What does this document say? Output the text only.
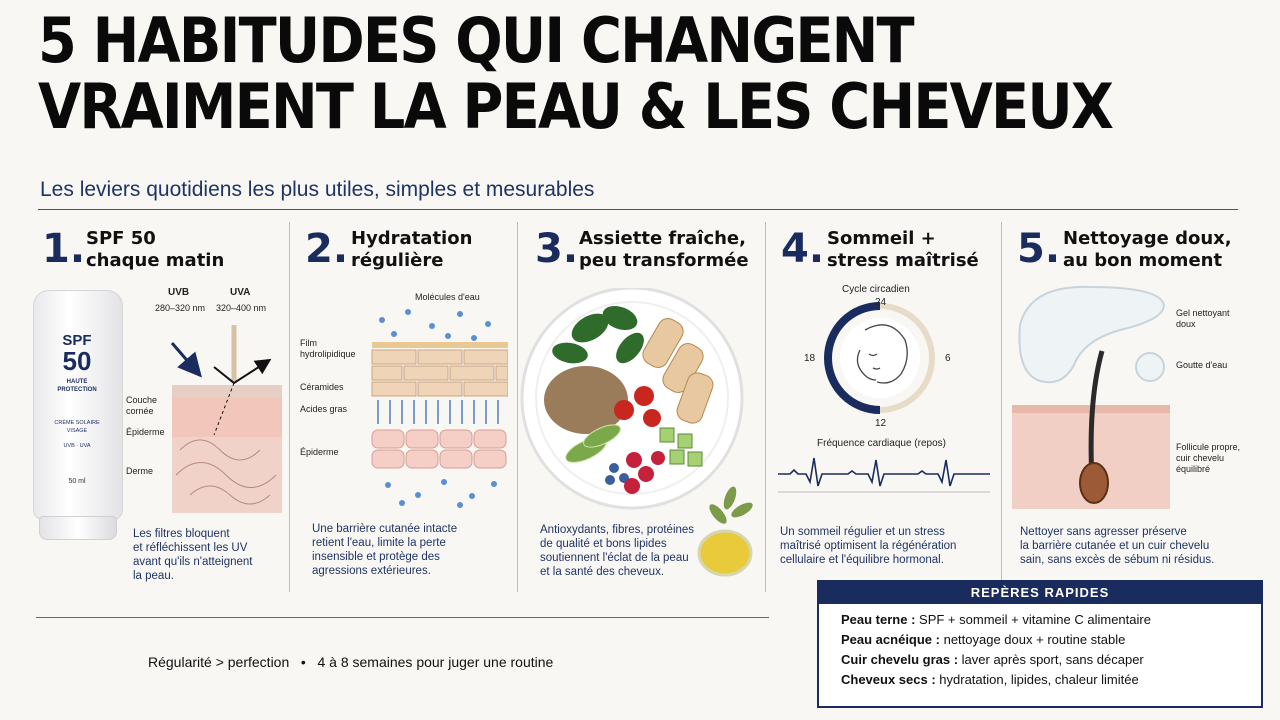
5 HABITUDES QUI CHANGENT
VRAIMENT LA PEAU & LES CHEVEUX
Les leviers quotidiens les plus utiles, simples et mesurables
1. SPF 50
chaque matin
SPF
50
HAUTE
PROTECTION
CRÈME SOLAIRE
VISAGE
UVB · UVA
50 ml
UVB
280–320 nm
UVA
320–400 nm
Couche
cornée
Épiderme
Derme
Les filtres bloquent
et réfléchissent les UV
avant qu'ils n'atteignent
la peau.
2. Hydratation
régulière
Molécules d'eau
Film
hydrolipidique
Céramides
Acides gras
Épiderme
Une barrière cutanée intacte
retient l'eau, limite la perte
insensible et protège des
agressions extérieures.
3. Assiette fraîche,
peu transformée
Antioxydants, fibres, protéines
de qualité et bons lipides
soutiennent l'éclat de la peau
et la santé des cheveux.
4. Sommeil +
stress maîtrisé
Cycle circadien
24
6
12
18
Fréquence cardiaque (repos)
Un sommeil régulier et un stress
maîtrisé optimisent la régénération
cellulaire et l'équilibre hormonal.
5. Nettoyage doux,
au bon moment
Gel nettoyant
doux
Goutte d'eau
Follicule propre,
cuir chevelu
équilibré
Nettoyer sans agresser préserve
la barrière cutanée et un cuir chevelu
sain, sans excès de sébum ni résidus.
Régularité > perfection   •   4 à 8 semaines pour juger une routine
REPÈRES RAPIDES
Peau terne : SPF + sommeil + vitamine C alimentaire
Peau acnéique : nettoyage doux + routine stable
Cuir chevelu gras : laver après sport, sans décaper
Cheveux secs : hydratation, lipides, chaleur limitée
